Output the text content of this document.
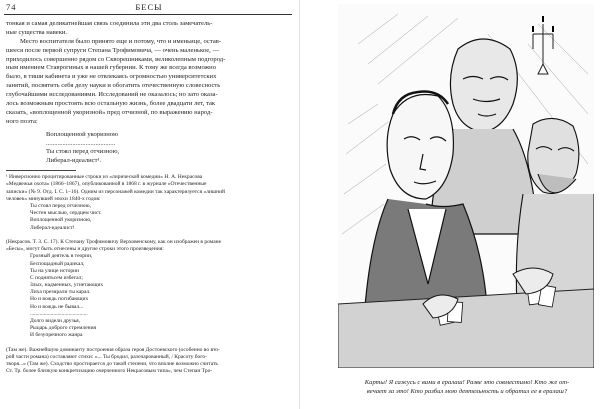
74	БЕСЫ
тонкая и самая деликатнейшая связь соединила эти два столь замечатель-
ные существа навеки.
Место воспитателя было принято еще и потому, что и именьице, остав-
шееся после первой супруги Степана Трофимовича, — очень маленькое, —
приходилось совершенно рядом со Скворешниками, великолепным подгород-
ным имением Ставрогиных в нашей губернии. К тому же всегда возможно
было, в тиши кабинета и уже не отвлекаясь огромностью университетских
занятий, посвятить себя делу науки и обогатить отечественную словесность
глубочайшими исследованиями. Исследований не оказалось; но зато оказа-
лось возможным простоять всю остальную жизнь, более двадцати лет, так
сказать, «воплощенной укоризной» пред отчизной, по выражению народ-
ного поэта:
Воплощенной укоризною
..........................................
Ты стоял перед отчизною,
Либерал-идеалист¹.
¹ Инверсионно процитированные строки из «лирической комедии» Н. А. Некрасова
«Медвежья охота» (1866–1867), опубликованной в 1868 г. в журнале «Отечественные
записки» (№ 9. Отд. I. С. 1–16). Одним из персонажей комедии так характеризуется «лишний
человек» минувшей эпохи 1840-х годов:
Ты стоял перед отчизною,
Честен мыслью, сердцем чист.
Воплощенной укоризною,
Либерал-идеалист!
(Некрасов. Т. 3. С. 17). К Степану Трофимовичу Верховенскому, как он изображен в романе
«Бесы», могут быть отнесены и другие строки этого произведения:
Грозный деятель в теории,
Беспощадный радикал,
Ты на улице истории
С поднятьсем избегал;
Злых, надменных, угнетающих
Лиха презирали ты карал.
Но и вождь погибающих
Но и вождь не бывал...
..........................................
Долго видели друзья,
Рыцарь доброго стремления
И безупречного жанра
(Там же). Важнейшую доминанту построения образа героя Достоевского (особенно во вто-
рой части романа) составляют стихи: «... Ты бродил, разочарованный, / Красоту бого-
творя...» (Там же). Сходство простирается до такой степени, что вполне возможно считать
Ст. Тр. более близкую конкретизацию очерченного Некрасовым типа», чем Степан Тро-
Карты! Я сажусь с вами в ералаш! Разве это совместимо! Кто же от-
вечает за это! Кто разбил мою деятельность и обратил ее в ералаш?
